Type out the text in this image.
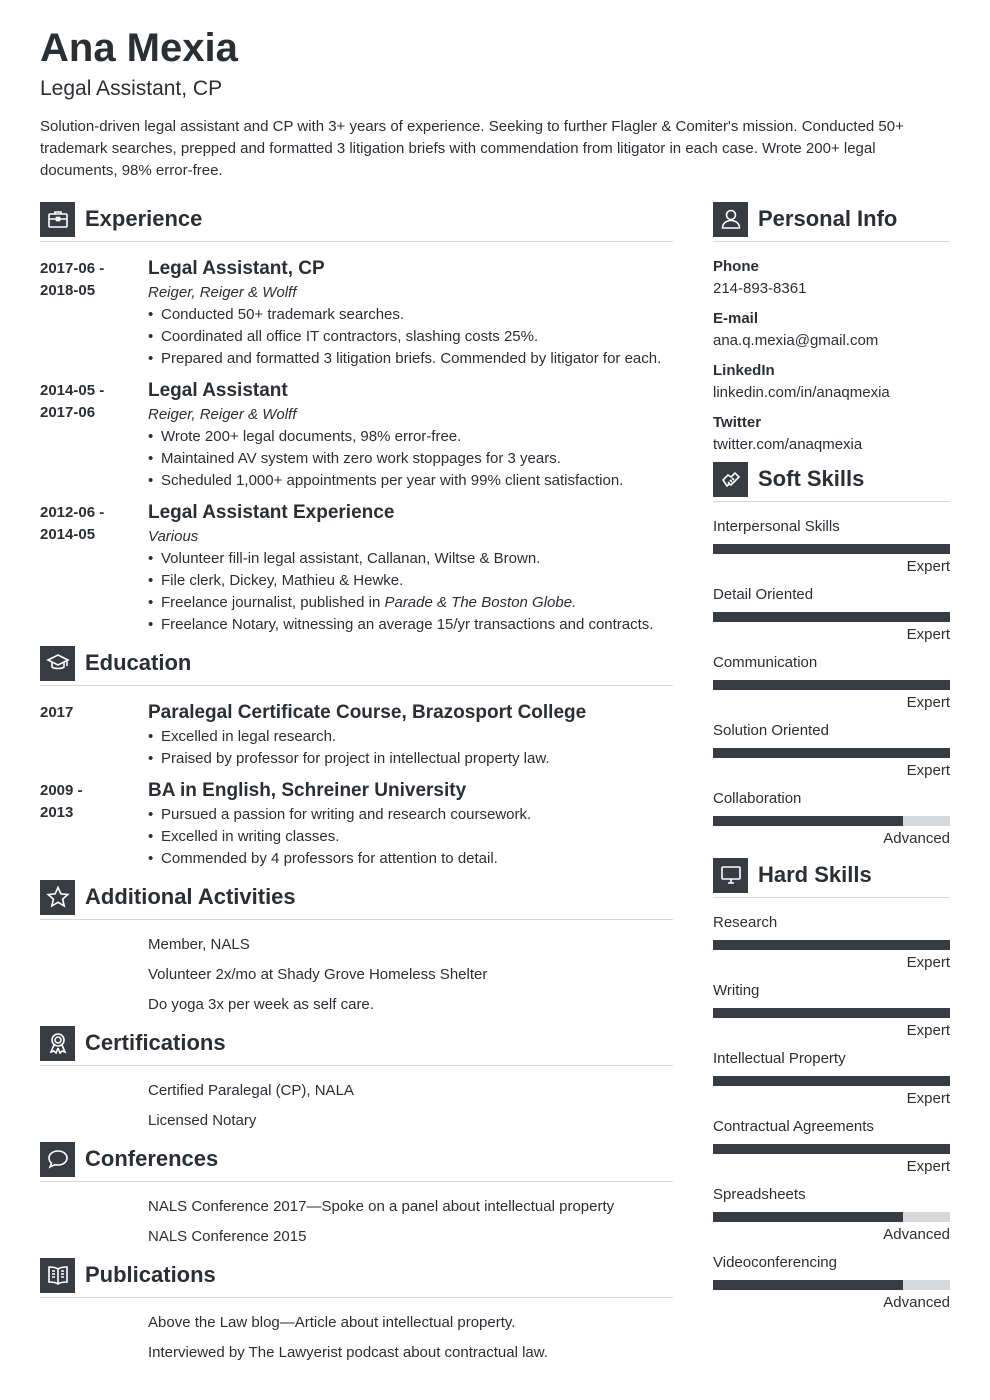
Ana Mexia
Legal Assistant, CP
Solution-driven legal assistant and CP with 3+ years of experience. Seeking to further Flagler & Comiter's mission. Conducted 50+ trademark searches, prepped and formatted 3 litigation briefs with commendation from litigator in each case. Wrote 200+ legal documents, 98% error-free.
Experience
2017-06 -
2018-05
Legal Assistant, CP
Reiger, Reiger & Wolff
• Conducted 50+ trademark searches.
• Coordinated all office IT contractors, slashing costs 25%.
• Prepared and formatted 3 litigation briefs. Commended by litigator for each.
2014-05 -
2017-06
Legal Assistant
Reiger, Reiger & Wolff
• Wrote 200+ legal documents, 98% error-free.
• Maintained AV system with zero work stoppages for 3 years.
• Scheduled 1,000+ appointments per year with 99% client satisfaction.
2012-06 -
2014-05
Legal Assistant Experience
Various
• Volunteer fill-in legal assistant, Callanan, Wiltse & Brown.
• File clerk, Dickey, Mathieu & Hewke.
• Freelance journalist, published in Parade & The Boston Globe.
• Freelance Notary, witnessing an average 15/yr transactions and contracts.
Education
2017	Paralegal Certificate Course, Brazosport College
• Excelled in legal research.
• Praised by professor for project in intellectual property law.
2009 -
2013
BA in English, Schreiner University
• Pursued a passion for writing and research coursework.
• Excelled in writing classes.
• Commended by 4 professors for attention to detail.
Additional Activities
Member, NALS
Volunteer 2x/mo at Shady Grove Homeless Shelter
Do yoga 3x per week as self care.
Certifications
Certified Paralegal (CP), NALA
Licensed Notary
Conferences
NALS Conference 2017—Spoke on a panel about intellectual property
NALS Conference 2015
Publications
Above the Law blog—Article about intellectual property.
Interviewed by The Lawyerist podcast about contractual law.
Personal Info
Phone
214-893-8361
E-mail
ana.q.mexia@gmail.com
LinkedIn
linkedin.com/in/anaqmexia
Twitter
twitter.com/anaqmexia
Soft Skills
Interpersonal Skills
Expert
Detail Oriented
Expert
Communication
Expert
Solution Oriented
Expert
Collaboration
Advanced
Hard Skills
Research
Expert
Writing
Expert
Intellectual Property
Expert
Contractual Agreements
Expert
Spreadsheets
Advanced
Videoconferencing
Advanced
